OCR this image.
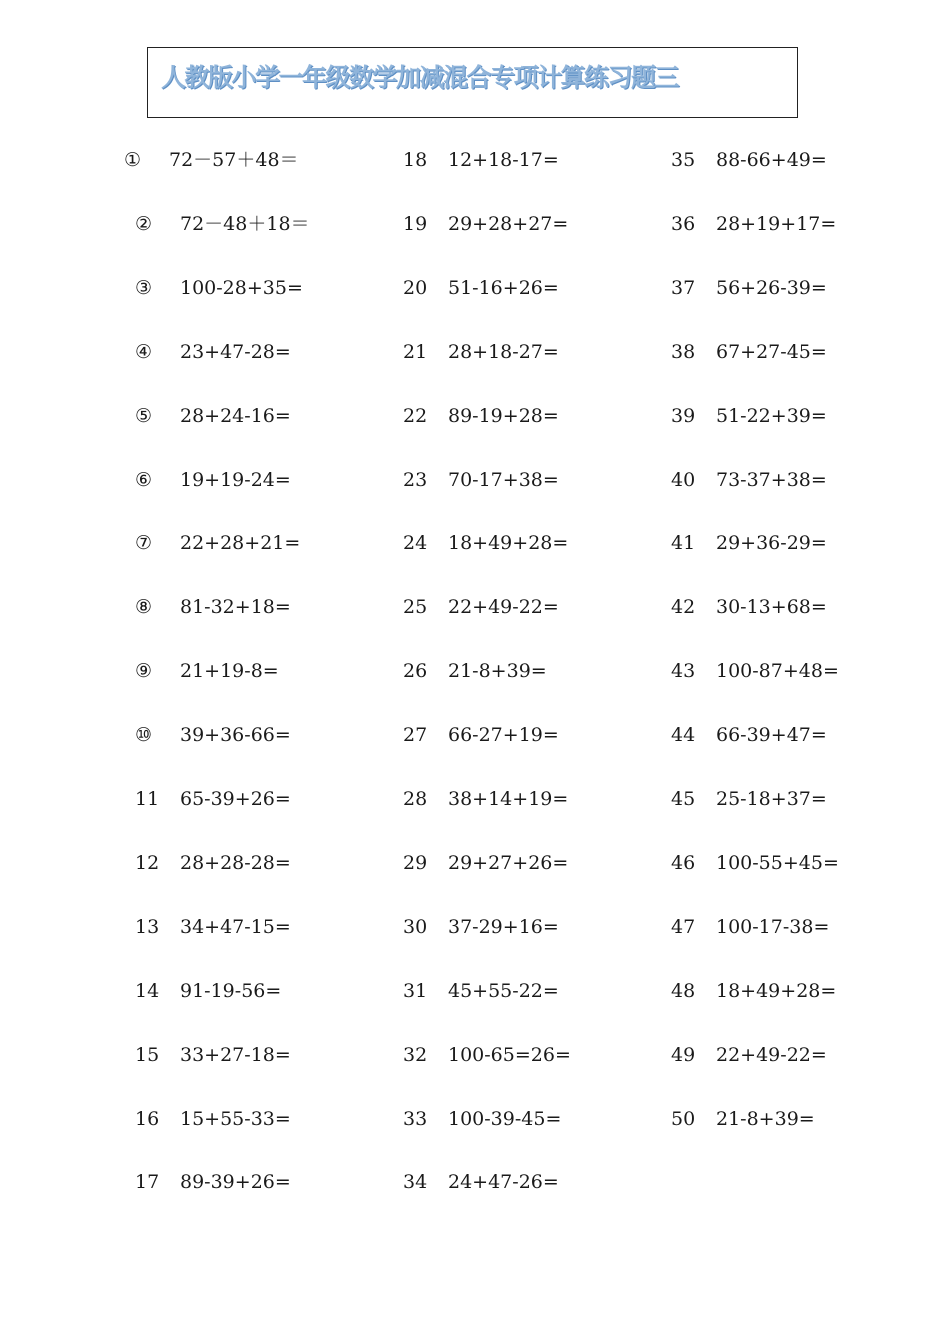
人教版小学一年级数学加减混合专项计算练习题三
① 72－57＋48＝
② 72－48＋18＝
③ 100-28+35=
④ 23+47-28=
⑤ 28+24-16=
⑥ 19+19-24=
⑦ 22+28+21=
⑧ 81-32+18=
⑨ 21+19-8=
⑩ 39+36-66=
11 65-39+26=
12 28+28-28=
13 34+47-15=
14 91-19-56=
15 33+27-18=
16 15+55-33=
17 89-39+26=
18 12+18-17=
19 29+28+27=
20 51-16+26=
21 28+18-27=
22 89-19+28=
23 70-17+38=
24 18+49+28=
25 22+49-22=
26 21-8+39=
27 66-27+19=
28 38+14+19=
29 29+27+26=
30 37-29+16=
31 45+55-22=
32 100-65=26=
33 100-39-45=
34 24+47-26=
35 88-66+49=
36 28+19+17=
37 56+26-39=
38 67+27-45=
39 51-22+39=
40 73-37+38=
41 29+36-29=
42 30-13+68=
43 100-87+48=
44 66-39+47=
45 25-18+37=
46 100-55+45=
47 100-17-38=
48 18+49+28=
49 22+49-22=
50 21-8+39=
